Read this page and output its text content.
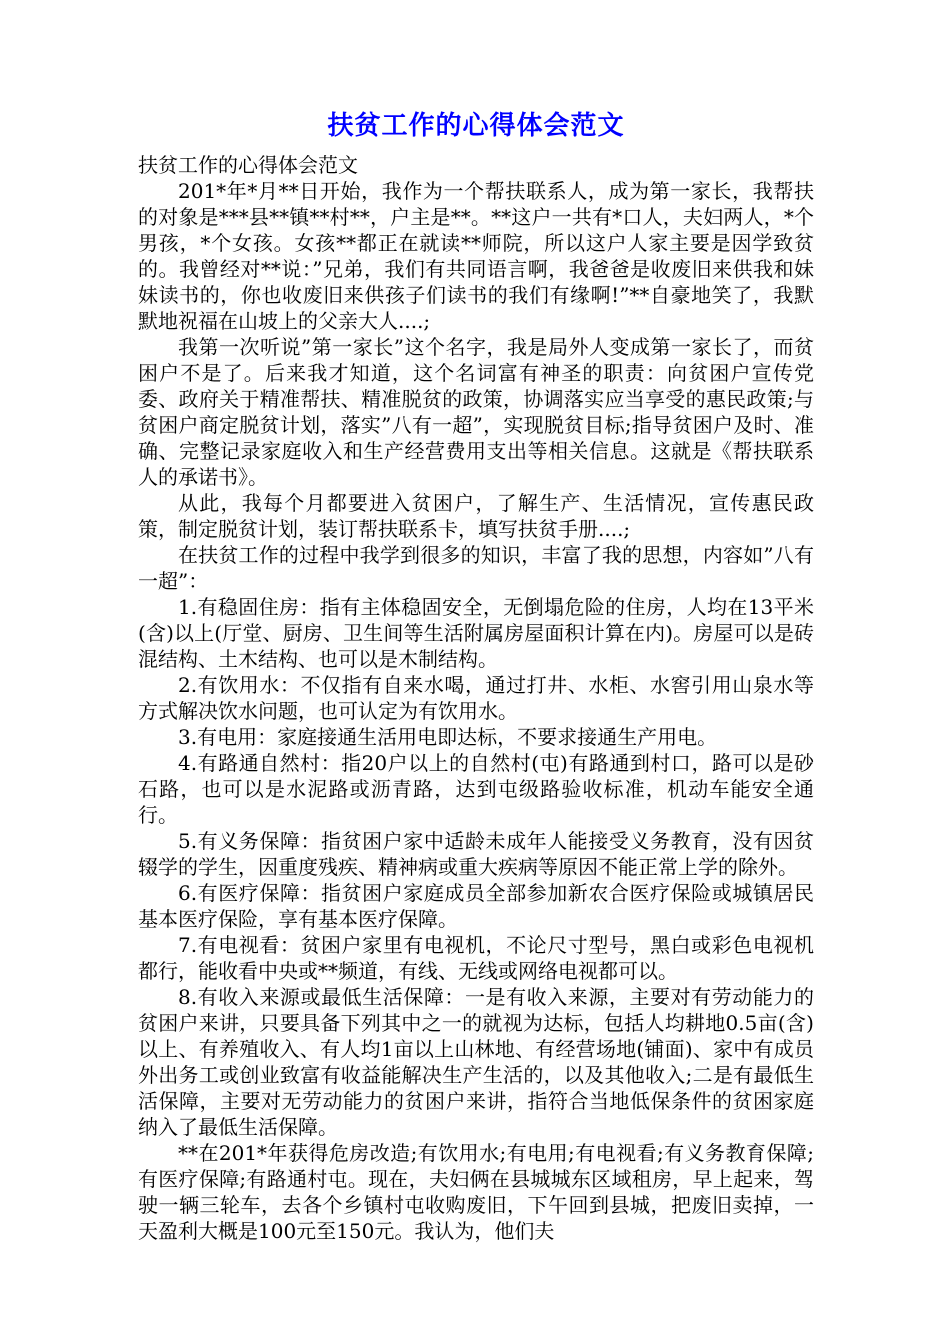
扶贫工作的心得体会范文

扶贫工作的心得体会范文

201*年*月**日开始，我作为一个帮扶联系人，成为第一家长，我帮扶的对象是***县**镇**村**，户主是**。**这户一共有*口人，夫妇两人，*个男孩，*个女孩。女孩**都正在就读**师院，所以这户人家主要是因学致贫的。我曾经对**说：”兄弟，我们有共同语言啊，我爸爸是收废旧来供我和妹妹读书的，你也收废旧来供孩子们读书的我们有缘啊!”**自豪地笑了，我默默地祝福在山坡上的父亲大人....;

我第一次听说”第一家长”这个名字，我是局外人变成第一家长了，而贫困户不是了。后来我才知道，这个名词富有神圣的职责：向贫困户宣传党委、政府关于精准帮扶、精准脱贫的政策，协调落实应当享受的惠民政策;与贫困户商定脱贫计划，落实”八有一超”，实现脱贫目标;指导贫困户及时、准确、完整记录家庭收入和生产经营费用支出等相关信息。这就是《帮扶联系人的承诺书》。

从此，我每个月都要进入贫困户，了解生产、生活情况，宣传惠民政策，制定脱贫计划，装订帮扶联系卡，填写扶贫手册....;

在扶贫工作的过程中我学到很多的知识，丰富了我的思想，内容如”八有一超”：

1.有稳固住房：指有主体稳固安全，无倒塌危险的住房，人均在13平米(含)以上(厅堂、厨房、卫生间等生活附属房屋面积计算在内)。房屋可以是砖混结构、土木结构、也可以是木制结构。

2.有饮用水：不仅指有自来水喝，通过打井、水柜、水窖引用山泉水等方式解决饮水问题，也可认定为有饮用水。

3.有电用：家庭接通生活用电即达标，不要求接通生产用电。

4.有路通自然村：指20户以上的自然村(屯)有路通到村口，路可以是砂石路，也可以是水泥路或沥青路，达到屯级路验收标准，机动车能安全通行。

5.有义务保障：指贫困户家中适龄未成年人能接受义务教育，没有因贫辍学的学生，因重度残疾、精神病或重大疾病等原因不能正常上学的除外。

6.有医疗保障：指贫困户家庭成员全部参加新农合医疗保险或城镇居民基本医疗保险，享有基本医疗保障。

7.有电视看：贫困户家里有电视机，不论尺寸型号，黑白或彩色电视机都行，能收看中央或**频道，有线、无线或网络电视都可以。

8.有收入来源或最低生活保障：一是有收入来源，主要对有劳动能力的贫困户来讲，只要具备下列其中之一的就视为达标，包括人均耕地0.5亩(含)以上、有养殖收入、有人均1亩以上山林地、有经营场地(铺面)、家中有成员外出务工或创业致富有收益能解决生产生活的，以及其他收入;二是有最低生活保障，主要对无劳动能力的贫困户来讲，指符合当地低保条件的贫困家庭纳入了最低生活保障。

**在201*年获得危房改造;有饮用水;有电用;有电视看;有义务教育保障;有医疗保障;有路通村屯。现在，夫妇俩在县城城东区域租房，早上起来，驾驶一辆三轮车，去各个乡镇村屯收购废旧，下午回到县城，把废旧卖掉，一天盈利大概是100元至150元。我认为，他们夫
